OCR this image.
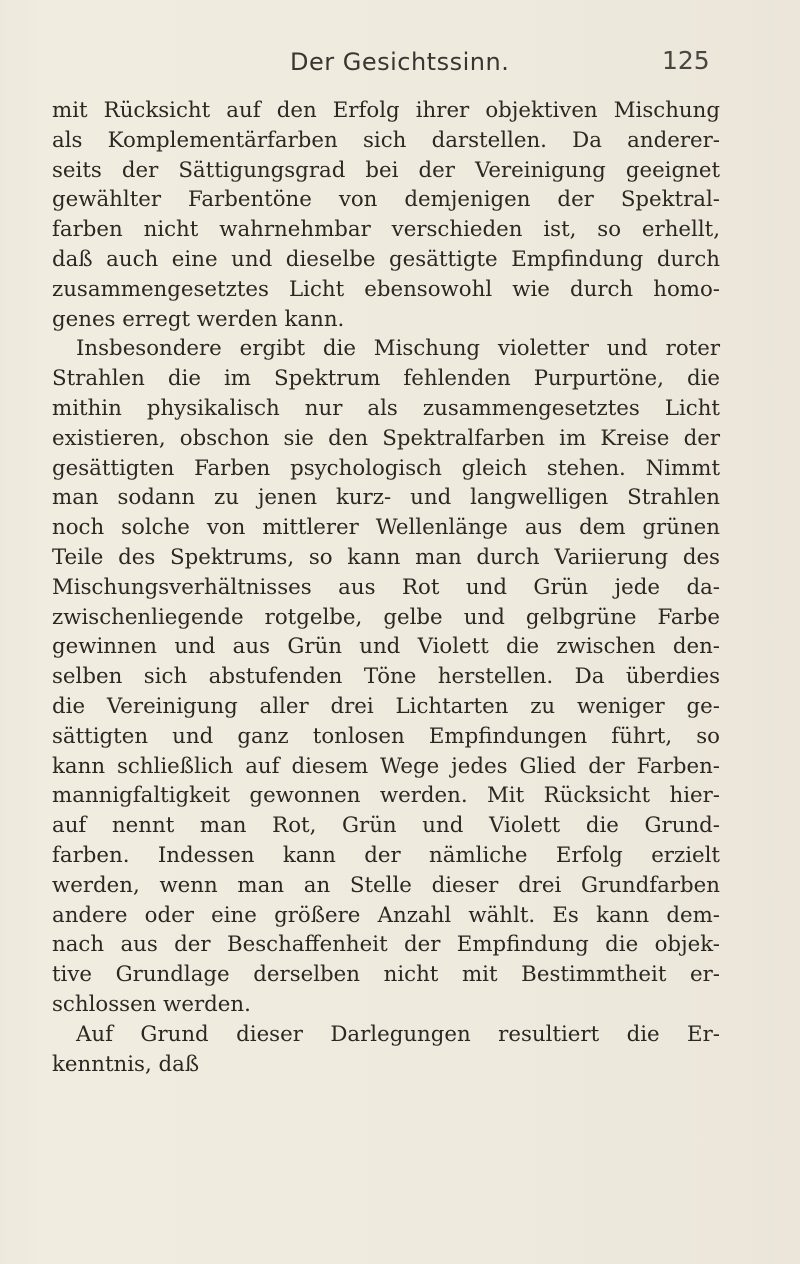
Der Gesichtssinn.	125
mit Rücksicht auf den Erfolg ihrer objektiven Mischung
als Komplementärfarben sich darstellen. Da anderer-
seits der Sättigungsgrad bei der Vereinigung geeignet
gewählter Farbentöne von demjenigen der Spektral-
farben nicht wahrnehmbar verschieden ist, so erhellt,
daß auch eine und dieselbe gesättigte Empfindung durch
zusammengesetztes Licht ebensowohl wie durch homo-
genes erregt werden kann.
Insbesondere ergibt die Mischung violetter und roter
Strahlen die im Spektrum fehlenden Purpurtöne, die
mithin physikalisch nur als zusammengesetztes Licht
existieren, obschon sie den Spektralfarben im Kreise der
gesättigten Farben psychologisch gleich stehen. Nimmt
man sodann zu jenen kurz- und langwelligen Strahlen
noch solche von mittlerer Wellenlänge aus dem grünen
Teile des Spektrums, so kann man durch Variierung des
Mischungsverhältnisses aus Rot und Grün jede da-
zwischenliegende rotgelbe, gelbe und gelbgrüne Farbe
gewinnen und aus Grün und Violett die zwischen den-
selben sich abstufenden Töne herstellen. Da überdies
die Vereinigung aller drei Lichtarten zu weniger ge-
sättigten und ganz tonlosen Empfindungen führt, so
kann schließlich auf diesem Wege jedes Glied der Farben-
mannigfaltigkeit gewonnen werden. Mit Rücksicht hier-
auf nennt man Rot, Grün und Violett die Grund-
farben. Indessen kann der nämliche Erfolg erzielt
werden, wenn man an Stelle dieser drei Grundfarben
andere oder eine größere Anzahl wählt. Es kann dem-
nach aus der Beschaffenheit der Empfindung die objek-
tive Grundlage derselben nicht mit Bestimmtheit er-
schlossen werden.
Auf Grund dieser Darlegungen resultiert die Er-
kenntnis, daß
